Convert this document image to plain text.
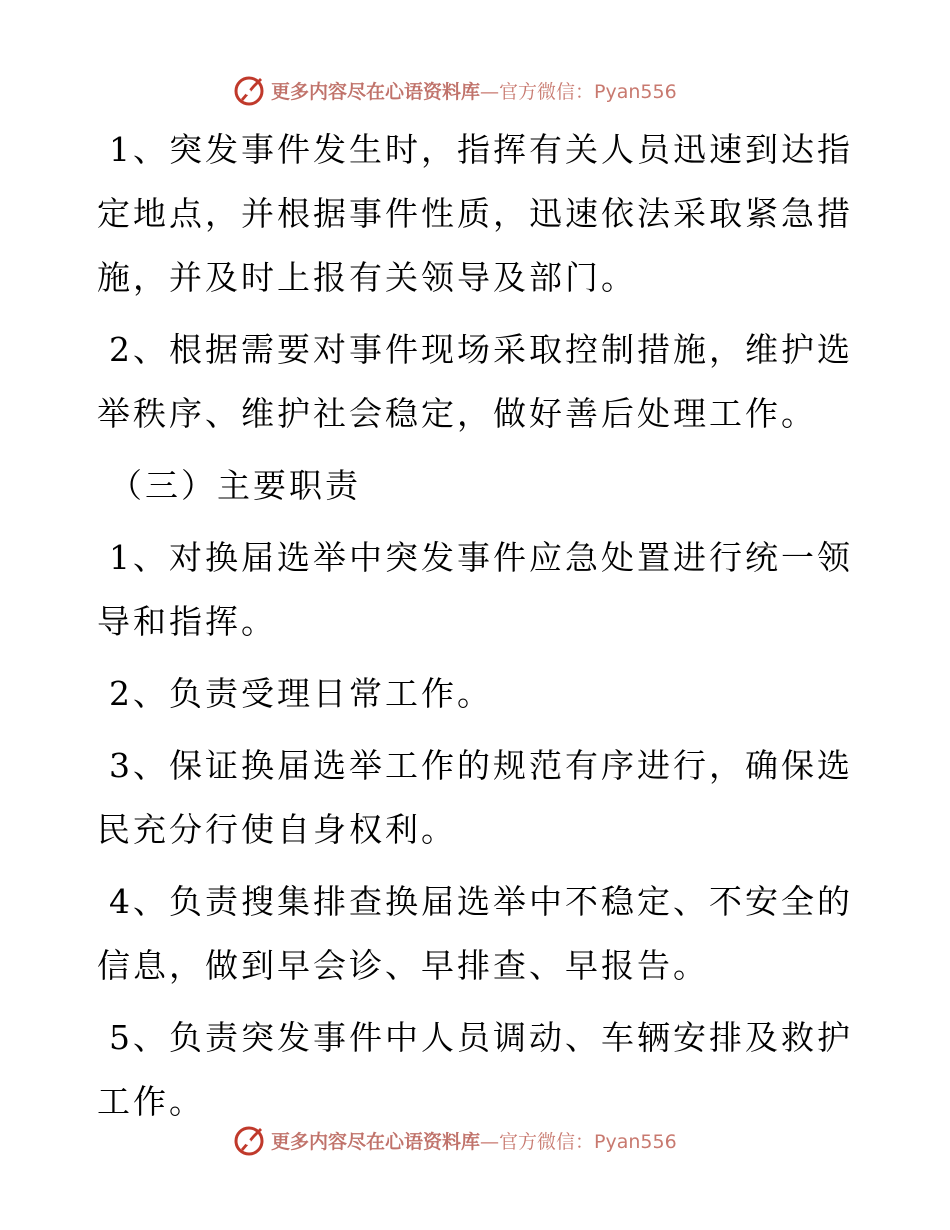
更多内容尽在心语资料库—官方微信：Pyan556

1、突发事件发生时，指挥有关人员迅速到达指定地点，并根据事件性质，迅速依法采取紧急措施，并及时上报有关领导及部门。

2、根据需要对事件现场采取控制措施，维护选举秩序、维护社会稳定，做好善后处理工作。

（三）主要职责

1、对换届选举中突发事件应急处置进行统一领导和指挥。

2、负责受理日常工作。

3、保证换届选举工作的规范有序进行，确保选民充分行使自身权利。

4、负责搜集排查换届选举中不稳定、不安全的信息，做到早会诊、早排查、早报告。

5、负责突发事件中人员调动、车辆安排及救护工作。

更多内容尽在心语资料库—官方微信：Pyan556
